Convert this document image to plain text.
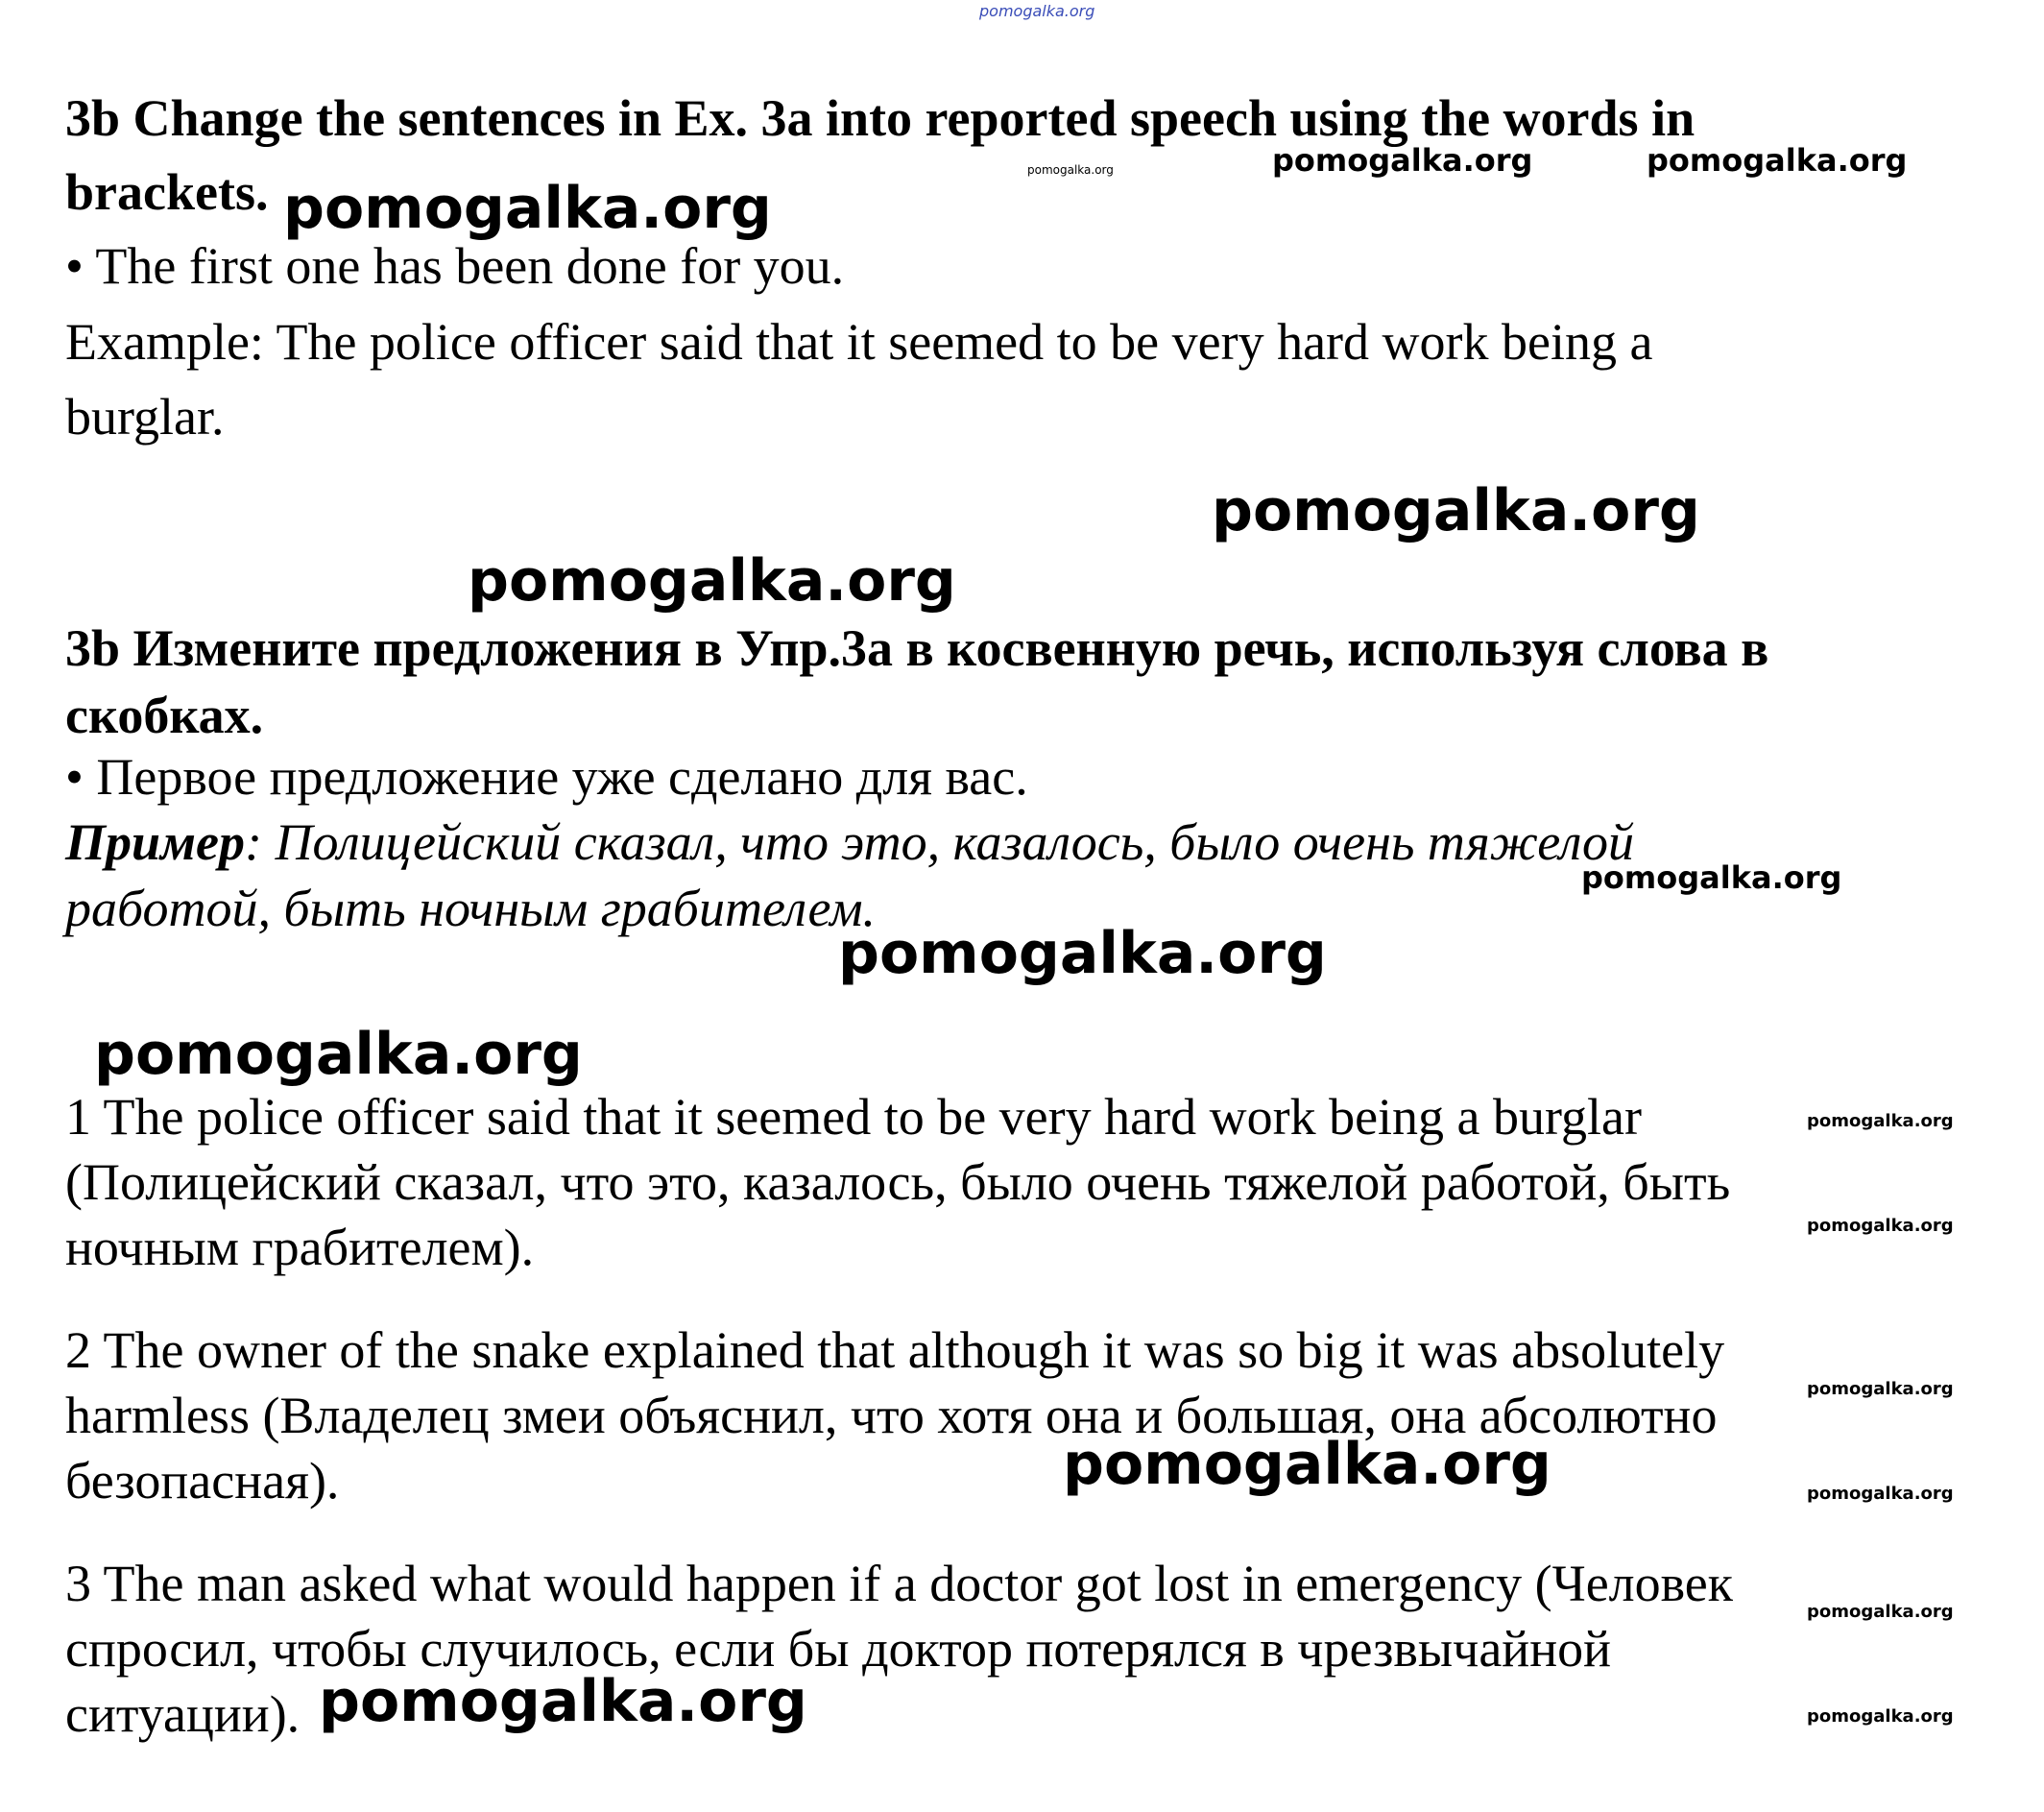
pomogalka.org

3b Change the sentences in Ex. 3a into reported speech using the words in

brackets.

• The first one has been done for you.

Example: The police officer said that it seemed to be very hard work being a

burglar.

3b Измените предложения в Упр.3а в косвенную речь, используя слова в

скобках.

• Первое предложение уже сделано для вас.

Пример: Полицейский сказал, что это, казалось, было очень тяжелой

работой, быть ночным грабителем.

1 The police officer said that it seemed to be very hard work being a burglar

(Полицейский сказал, что это, казалось, было очень тяжелой работой, быть

ночным грабителем).

2 The owner of the snake explained that although it was so big it was absolutely

harmless (Владелец змеи объяснил, что хотя она и большая, она абсолютно

безопасная).

3 The man asked what would happen if a doctor got lost in emergency (Человек

спросил, чтобы случилось, если бы доктор потерялся в чрезвычайной

ситуации).

pomogalka.org	pomogalka.org	pomogalka.org
pomogalka.org
pomogalka.org
pomogalka.org
pomogalka.org
pomogalka.org
pomogalka.org
pomogalka.org
pomogalka.org
pomogalka.org
pomogalka.org	pomogalka.org
pomogalka.org
pomogalka.org	pomogalka.org
